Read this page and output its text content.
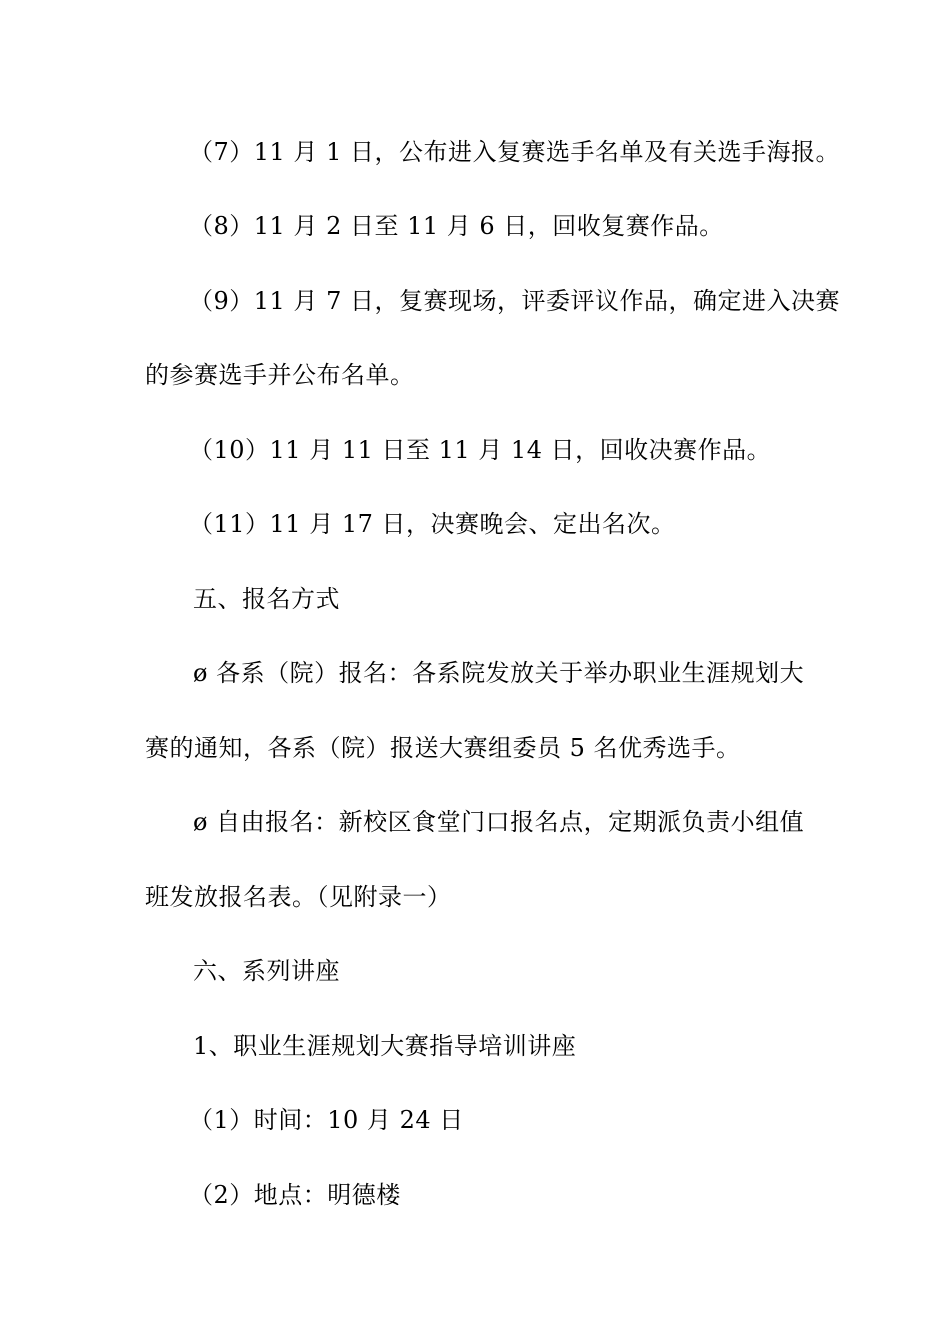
（7）11 月 1 日，公布进入复赛选手名单及有关选手海报。
（8）11 月 2 日至 11 月 6 日，回收复赛作品。
（9）11 月 7 日，复赛现场，评委评议作品，确定进入决赛
的参赛选手并公布名单。
（10）11 月 11 日至 11 月 14 日，回收决赛作品。
（11）11 月 17 日，决赛晚会、定出名次。
五、报名方式
ø 各系（院）报名：各系院发放关于举办职业生涯规划大
赛的通知，各系（院）报送大赛组委员 5 名优秀选手。
ø 自由报名：新校区食堂门口报名点，定期派负责小组值
班发放报名表。（见附录一）
六、系列讲座
1、职业生涯规划大赛指导培训讲座
（1）时间：10 月 24 日
（2）地点：明德楼
